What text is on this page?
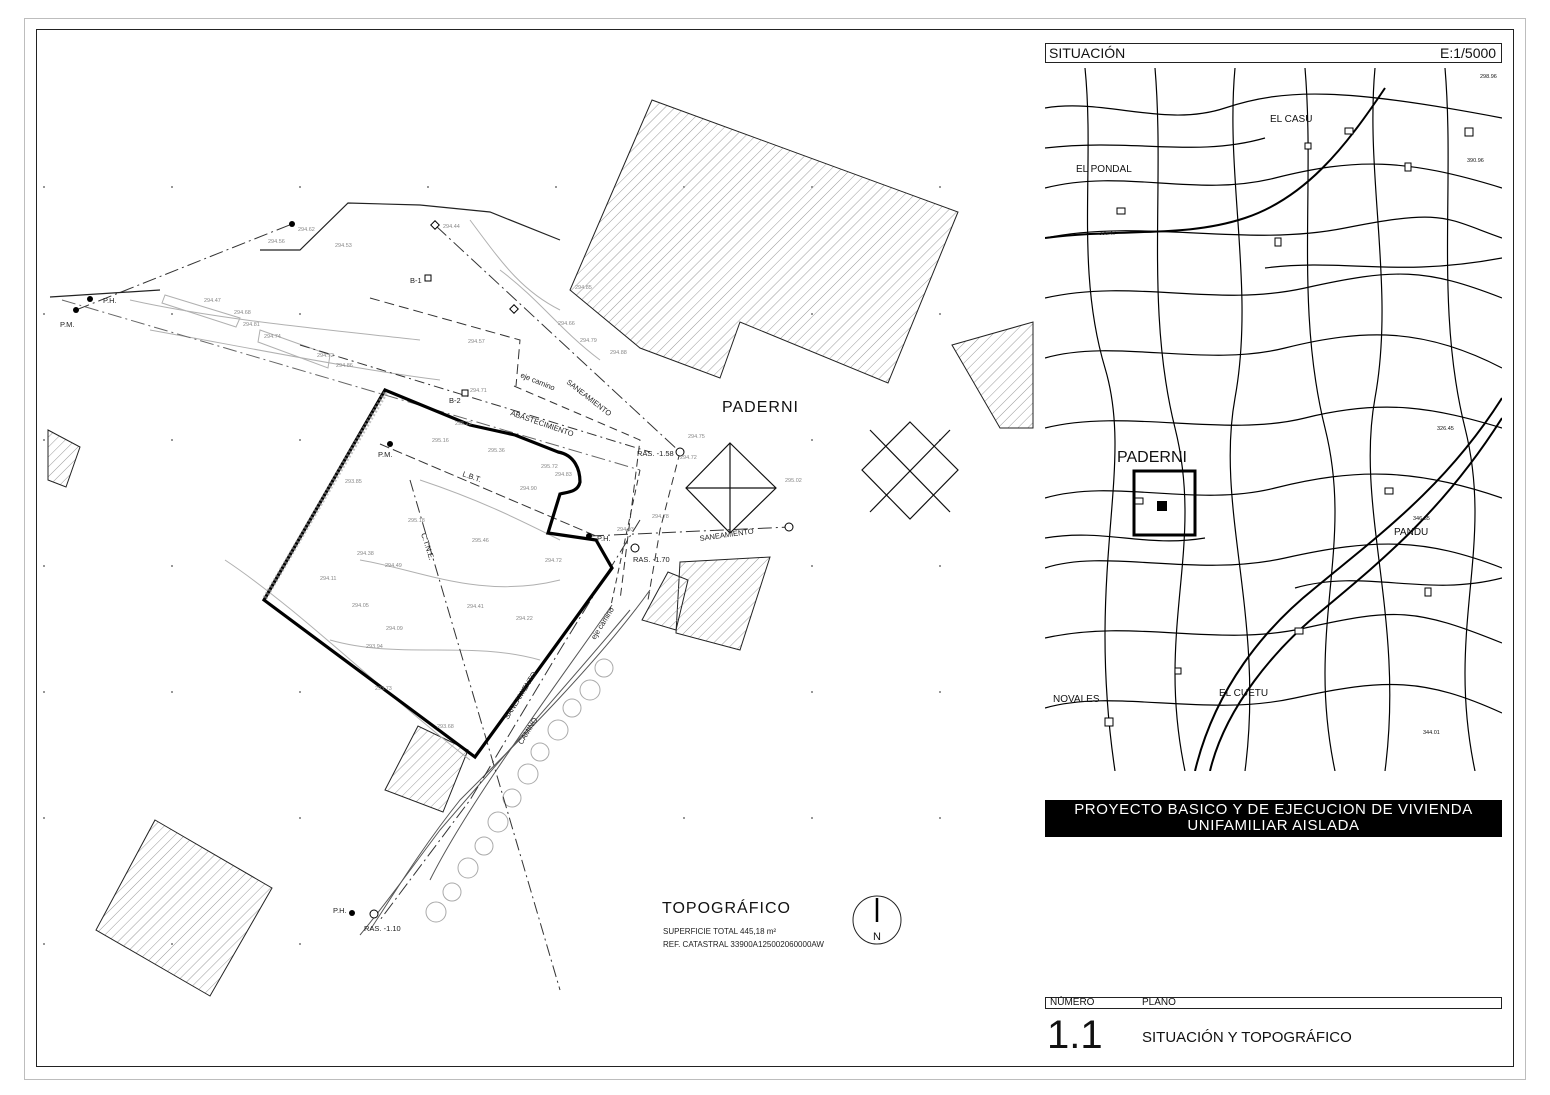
N
P.H.
P.M.
B-1
B-2
P.M.
P.H.
P.H.
RAS. -1.58
RAS. -1.70
RAS. -1.10
eje camino SANEAMIENTO
ABASTECIMIENTO
L.B.T.
SANEAMIENTO
C.T.N.E.
eje camino
SANEAMIENTO
CAMINO
294.62
294.56
294.53
294.44
294.47
294.68
294.81
294.74
294.72
294.86
294.57
294.66
294.79
294.88
294.85
294.71
295.16
295.22
295.36
295.72
294.90
294.75
294.72
295.02
294.78
294.93
295.18
295.46
294.83
294.72
294.49
294.41
294.22
294.05
294.09
293.94
293.73
293.68
294.38
294.11
293.85
PADERNI
TOPOGRÁFICO
SUPERFICIE TOTAL 445,18 m²
REF. CATASTRAL 33900A125002060000AW
SITUACIÓN	E:1/5000
EL CASU
EL PONDAL
PADERNI
PANDU
NOVALES
EL CUETU
298.96
390.96
335.47
326.45
346.35
344.01
PROYECTO BASICO Y DE EJECUCION DE VIVIENDA
UNIFAMILIAR AISLADA
NÚMERO	PLANO
1.1	SITUACIÓN Y TOPOGRÁFICO
